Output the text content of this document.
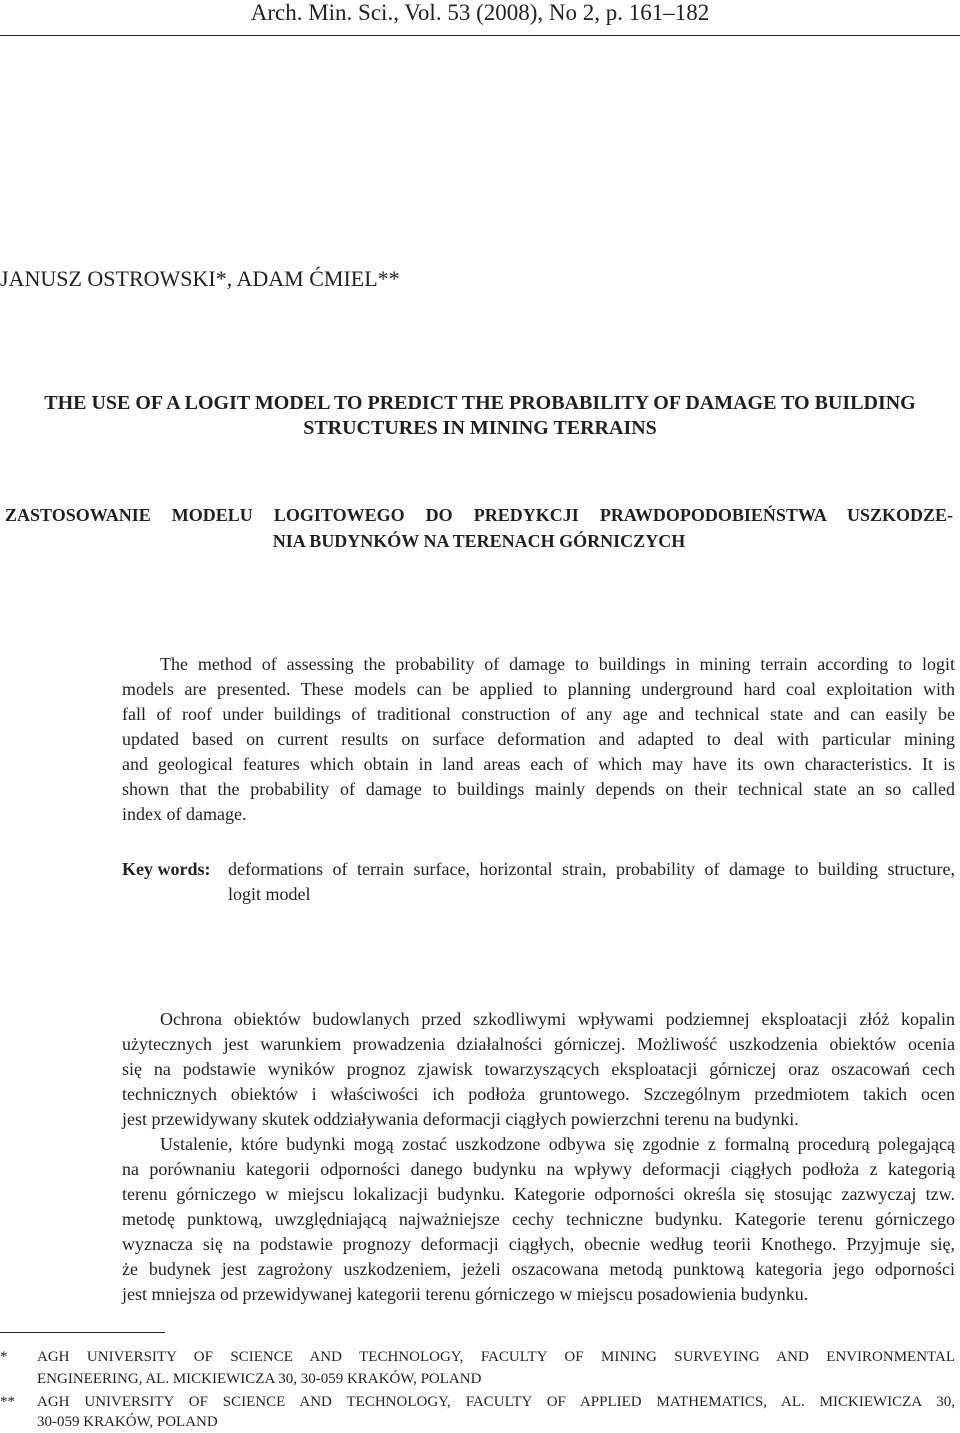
Arch. Min. Sci., Vol. 53 (2008), No 2, p. 161–182
JANUSZ OSTROWSKI*, ADAM ĆMIEL**
THE USE OF A LOGIT MODEL TO PREDICT THE PROBABILITY OF DAMAGE TO BUILDING
STRUCTURES IN MINING TERRAINS
ZASTOSOWANIE MODELU LOGITOWEGO DO PREDYKCJI PRAWDOPODOBIEŃSTWA USZKODZE-
NIA BUDYNKÓW NA TERENACH GÓRNICZYCH
The method of assessing the probability of damage to buildings in mining terrain according to logit
models are presented. These models can be applied to planning underground hard coal exploitation with
fall of roof under buildings of traditional construction of any age and technical state and can easily be
updated based on current results on surface deformation and adapted to deal with particular mining
and geological features which obtain in land areas each of which may have its own characteristics. It is
shown that the probability of damage to buildings mainly depends on their technical state an so called
index of damage.
Key words: deformations of terrain surface, horizontal strain, probability of damage to building structure,
logit model
Ochrona obiektów budowlanych przed szkodliwymi wpływami podziemnej eksploatacji złóż kopalin
użytecznych jest warunkiem prowadzenia działalności górniczej. Możliwość uszkodzenia obiektów ocenia
się na podstawie wyników prognoz zjawisk towarzyszących eksploatacji górniczej oraz oszacowań cech
technicznych obiektów i właściwości ich podłoża gruntowego. Szczególnym przedmiotem takich ocen
jest przewidywany skutek oddziaływania deformacji ciągłych powierzchni terenu na budynki.
Ustalenie, które budynki mogą zostać uszkodzone odbywa się zgodnie z formalną procedurą polegającą
na porównaniu kategorii odporności danego budynku na wpływy deformacji ciągłych podłoża z kategorią
terenu górniczego w miejscu lokalizacji budynku. Kategorie odporności określa się stosując zazwyczaj tzw.
metodę punktową, uwzględniającą najważniejsze cechy techniczne budynku. Kategorie terenu górniczego
wyznacza się na podstawie prognozy deformacji ciągłych, obecnie według teorii Knothego. Przyjmuje się,
że budynek jest zagrożony uszkodzeniem, jeżeli oszacowana metodą punktową kategoria jego odporności
jest mniejsza od przewidywanej kategorii terenu górniczego w miejscu posadowienia budynku.
* AGH UNIVERSITY OF SCIENCE AND TECHNOLOGY, FACULTY OF MINING SURVEYING AND ENVIRONMENTAL
ENGINEERING, AL. MICKIEWICZA 30, 30-059 KRAKÓW, POLAND
** AGH UNIVERSITY OF SCIENCE AND TECHNOLOGY, FACULTY OF APPLIED MATHEMATICS, AL. MICKIEWICZA 30,
30-059 KRAKÓW, POLAND
